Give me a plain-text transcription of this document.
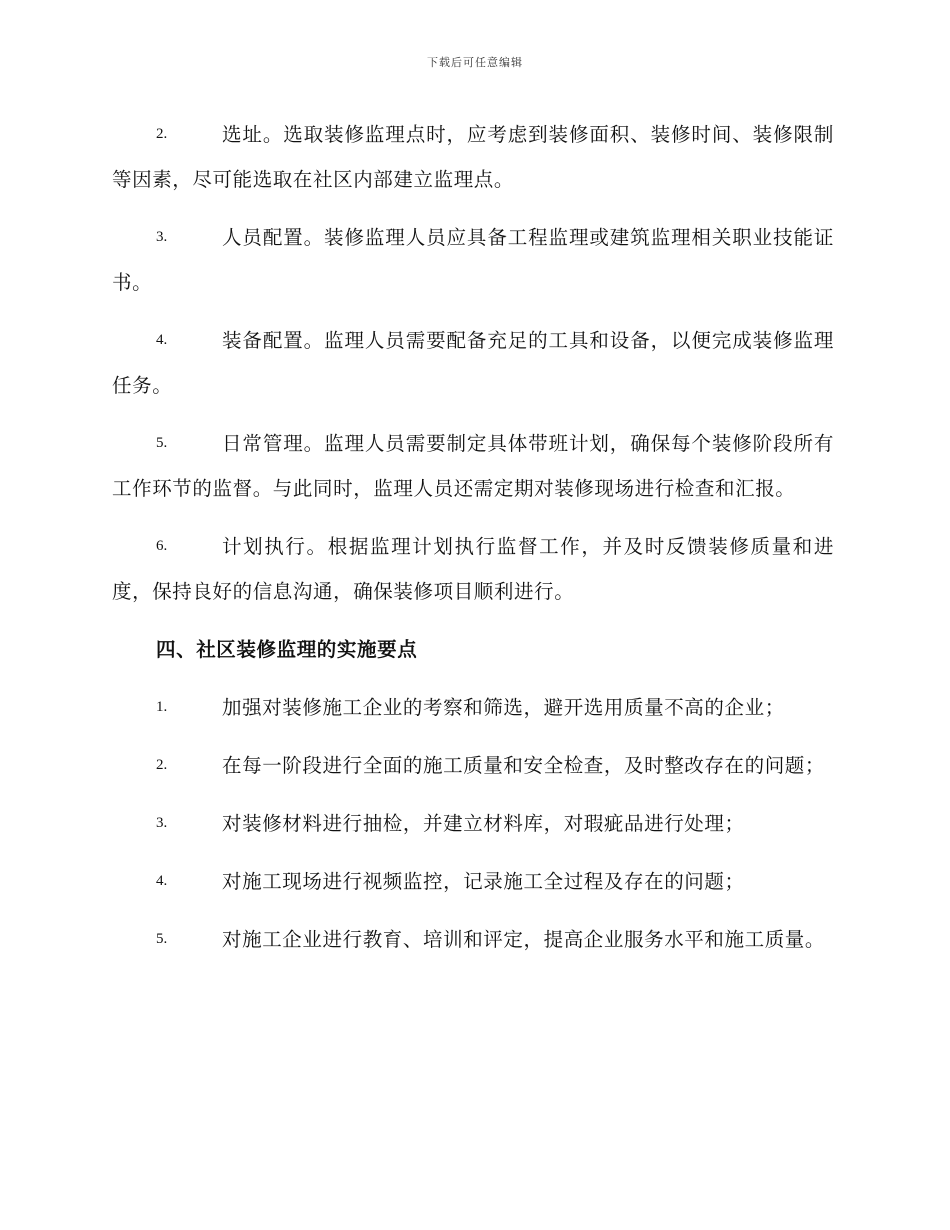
下载后可任意编辑

2.	选址。选取装修监理点时，应考虑到装修面积、装修时间、装修限制等因素，尽可能选取在社区内部建立监理点。

3.	人员配置。装修监理人员应具备工程监理或建筑监理相关职业技能证书。

4.	装备配置。监理人员需要配备充足的工具和设备，以便完成装修监理任务。

5.	日常管理。监理人员需要制定具体带班计划，确保每个装修阶段所有工作环节的监督。与此同时，监理人员还需定期对装修现场进行检查和汇报。

6.	计划执行。根据监理计划执行监督工作，并及时反馈装修质量和进度，保持良好的信息沟通，确保装修项目顺利进行。

四、社区装修监理的实施要点

1.	加强对装修施工企业的考察和筛选，避开选用质量不高的企业；

2.	在每一阶段进行全面的施工质量和安全检查，及时整改存在的问题；

3.	对装修材料进行抽检，并建立材料库，对瑕疵品进行处理；

4.	对施工现场进行视频监控，记录施工全过程及存在的问题；

5.	对施工企业进行教育、培训和评定，提高企业服务水平和施工质量。
